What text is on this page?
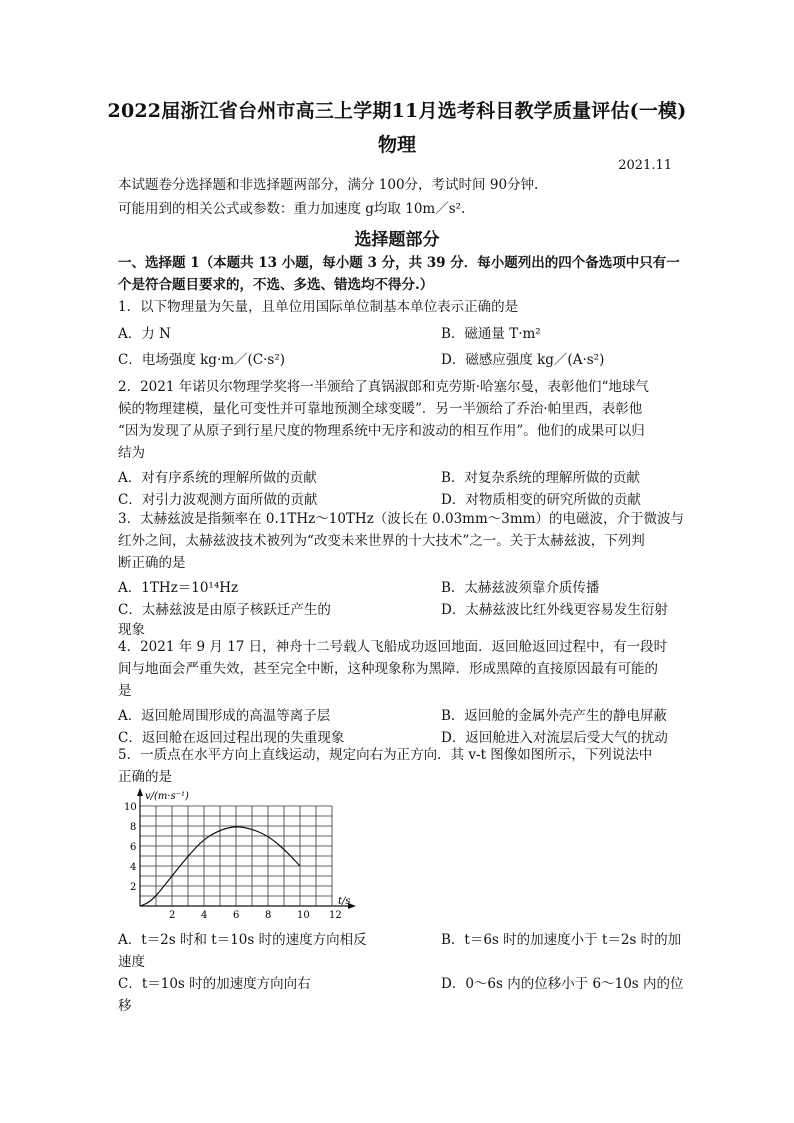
2022届浙江省台州市高三上学期11月选考科目教学质量评估(一模)
物理
2021.11
本试题卷分选择题和非选择题两部分，满分 100分，考试时间 90分钟.
可能用到的相关公式或参数：重力加速度 g均取 10m／s².
选择题部分
一、选择题 1（本题共 13 小题，每小题 3 分，共 39 分．每小题列出的四个备选项中只有一
个是符合题目要求的，不选、多选、错选均不得分.）
1．以下物理量为矢量，且单位用国际单位制基本单位表示正确的是
A．力 N	B．磁通量 T·m²
C．电场强度 kg·m／(C·s²)	D．磁感应强度 kg／(A·s²)
2．2021 年诺贝尔物理学奖将一半颁给了真锅淑郎和克劳斯·哈塞尔曼，表彰他们“地球气
候的物理建模，量化可变性并可靠地预测全球变暖”．另一半颁给了乔治·帕里西，表彰他
“因为发现了从原子到行星尺度的物理系统中无序和波动的相互作用”。他们的成果可以归
结为
A．对有序系统的理解所做的贡献	B．对复杂系统的理解所做的贡献
C．对引力波观测方面所做的贡献	D．对物质相变的研究所做的贡献
3．太赫兹波是指频率在 0.1THz～10THz（波长在 0.03mm～3mm）的电磁波，介于微波与
红外之间，太赫兹波技术被列为“改变未来世界的十大技术”之一。关于太赫兹波，下列判
断正确的是
A．1THz＝10¹⁴Hz	B．太赫兹波须靠介质传播
C．太赫兹波是由原子核跃迁产生的	D．太赫兹波比红外线更容易发生衍射
现象
4．2021 年 9 月 17 日，神舟十二号载人飞船成功返回地面．返回舱返回过程中，有一段时
间与地面会严重失效，甚至完全中断，这种现象称为黑障．形成黑障的直接原因最有可能的
是
A．返回舱周围形成的高温等离子层	B．返回舱的金属外壳产生的静电屏蔽
C．返回舱在返回过程出现的失重现象	D．返回舱进入对流层后受大气的扰动
5．一质点在水平方向上直线运动，规定向右为正方向．其 v-t 图像如图所示，下列说法中
正确的是
v/(m·s⁻¹)
t/s
2	4	6	8	10 12
2
4
6
8
10
A．t＝2s 时和 t＝10s 时的速度方向相反	B．t＝6s 时的加速度小于 t＝2s 时的加
速度
C．t＝10s 时的加速度方向向右	D．0～6s 内的位移小于 6～10s 内的位
移
